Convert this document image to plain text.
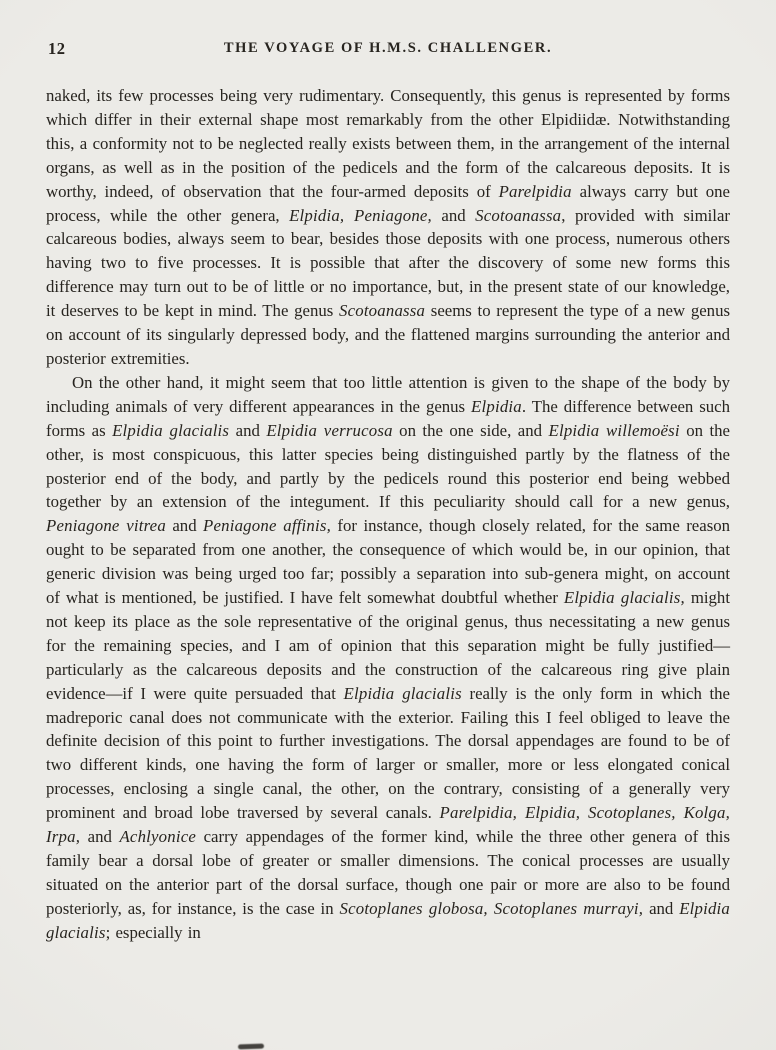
12	THE VOYAGE OF H.M.S. CHALLENGER.

naked, its few processes being very rudimentary. Consequently, this genus is represented by forms which differ in their external shape most remarkably from the other Elpidiidæ. Notwithstanding this, a conformity not to be neglected really exists between them, in the arrangement of the internal organs, as well as in the position of the pedicels and the form of the calcareous deposits. It is worthy, indeed, of observation that the four-armed deposits of Parelpidia always carry but one process, while the other genera, Elpidia, Peniagone, and Scotoanassa, provided with similar calcareous bodies, always seem to bear, besides those deposits with one process, numerous others having two to five processes. It is possible that after the discovery of some new forms this difference may turn out to be of little or no importance, but, in the present state of our knowledge, it deserves to be kept in mind. The genus Scotoanassa seems to represent the type of a new genus on account of its singularly depressed body, and the flattened margins surrounding the anterior and posterior extremities.

On the other hand, it might seem that too little attention is given to the shape of the body by including animals of very different appearances in the genus Elpidia. The difference between such forms as Elpidia glacialis and Elpidia verrucosa on the one side, and Elpidia willemoësi on the other, is most conspicuous, this latter species being distinguished partly by the flatness of the posterior end of the body, and partly by the pedicels round this posterior end being webbed together by an extension of the integument. If this peculiarity should call for a new genus, Peniagone vitrea and Peniagone affinis, for instance, though closely related, for the same reason ought to be separated from one another, the consequence of which would be, in our opinion, that generic division was being urged too far; possibly a separation into sub-genera might, on account of what is mentioned, be justified. I have felt somewhat doubtful whether Elpidia glacialis, might not keep its place as the sole representative of the original genus, thus necessitating a new genus for the remaining species, and I am of opinion that this separation might be fully justified—particularly as the calcareous deposits and the construction of the calcareous ring give plain evidence—if I were quite persuaded that Elpidia glacialis really is the only form in which the madreporic canal does not communicate with the exterior. Failing this I feel obliged to leave the definite decision of this point to further investigations. The dorsal appendages are found to be of two different kinds, one having the form of larger or smaller, more or less elongated conical processes, enclosing a single canal, the other, on the contrary, consisting of a generally very prominent and broad lobe traversed by several canals. Parelpidia, Elpidia, Scotoplanes, Kolga, Irpa, and Achlyonice carry appendages of the former kind, while the three other genera of this family bear a dorsal lobe of greater or smaller dimensions. The conical processes are usually situated on the anterior part of the dorsal surface, though one pair or more are also to be found posteriorly, as, for instance, is the case in Scotoplanes globosa, Scotoplanes murrayi, and Elpidia glacialis; especially in
